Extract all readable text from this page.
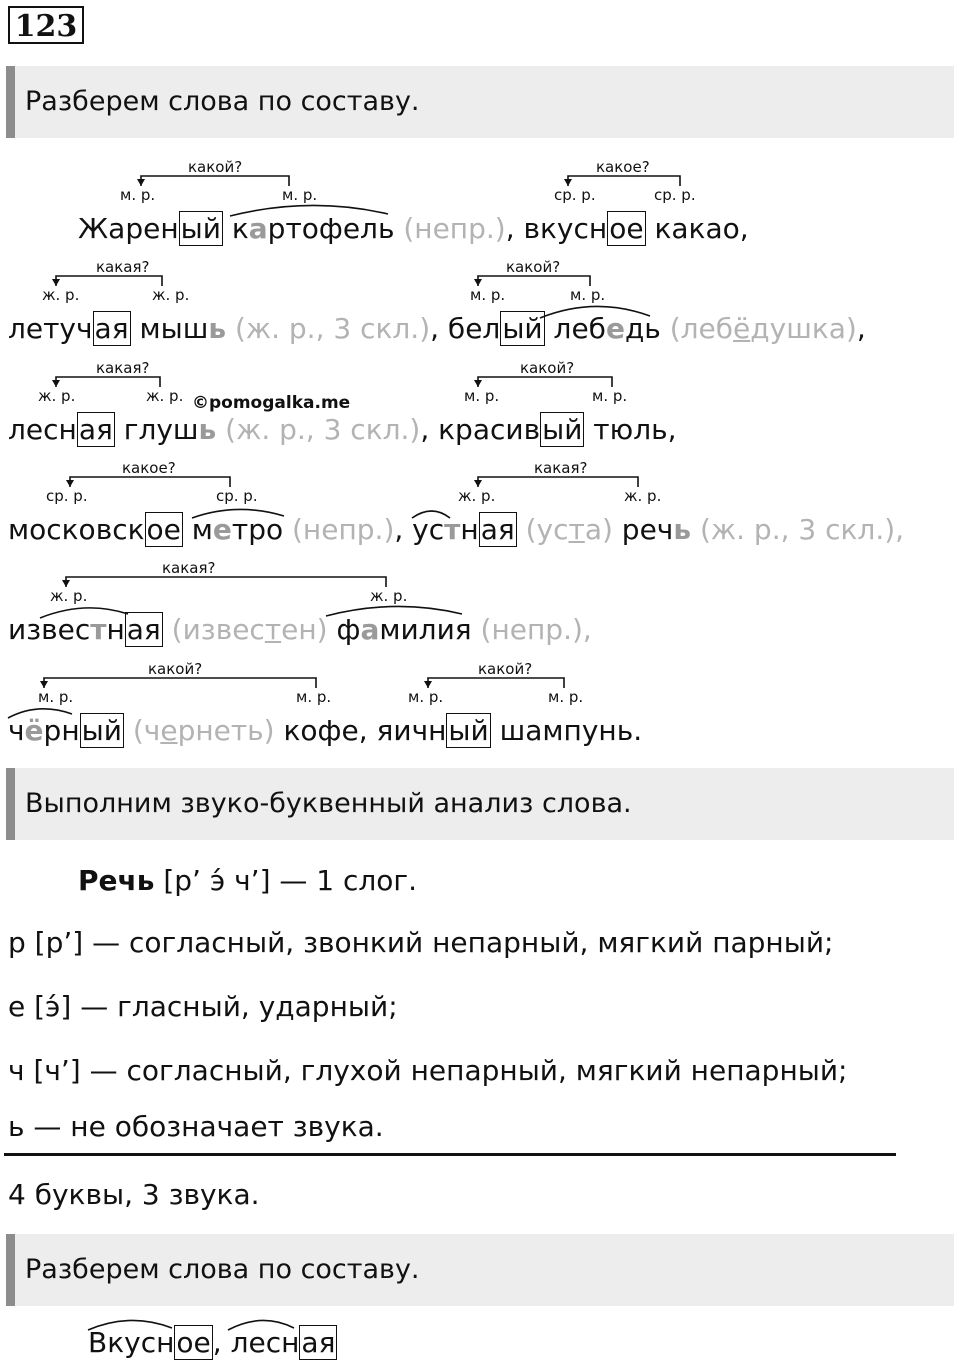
123
Разберем слова по составу.
какой?
м. р.	м. р.
какое?
ср. р.	ср. р.
Жареный картофель (непр.), вкусное какао,
какая?
ж. р.	ж. р.
какой?
м. р.	м. р.
летучая мышь (ж. р., 3 скл.), белый лебедь (лебёдушка),
какая?
ж. р.	ж. р. ©pomogalka.me
какой?
м. р.	м. р.
лесная глушь (ж. р., 3 скл.), красивый тюль,
какое?
ср. р.	ср. р.
какая?
ж. р.	ж. р.
московское метро (непр.), устная (уста) речь (ж. р., 3 скл.),
какая?
ж. р.	ж. р.
известная (известен) фамилия (непр.),
какой?
м. р.	м. р.
какой?
м. р.	м. р.
чёрный (чернеть) кофе, яичный шампунь.
Выполним звуко-буквенный анализ слова.
Речь [р’ э́ ч’] — 1 слог.
р [р’] — согласный, звонкий непарный, мягкий парный;
е [э́] — гласный, ударный;
ч [ч’] — согласный, глухой непарный, мягкий непарный;
ь — не обозначает звука.
4 буквы, 3 звука.
Разберем слова по составу.
Вкусное, лесная
